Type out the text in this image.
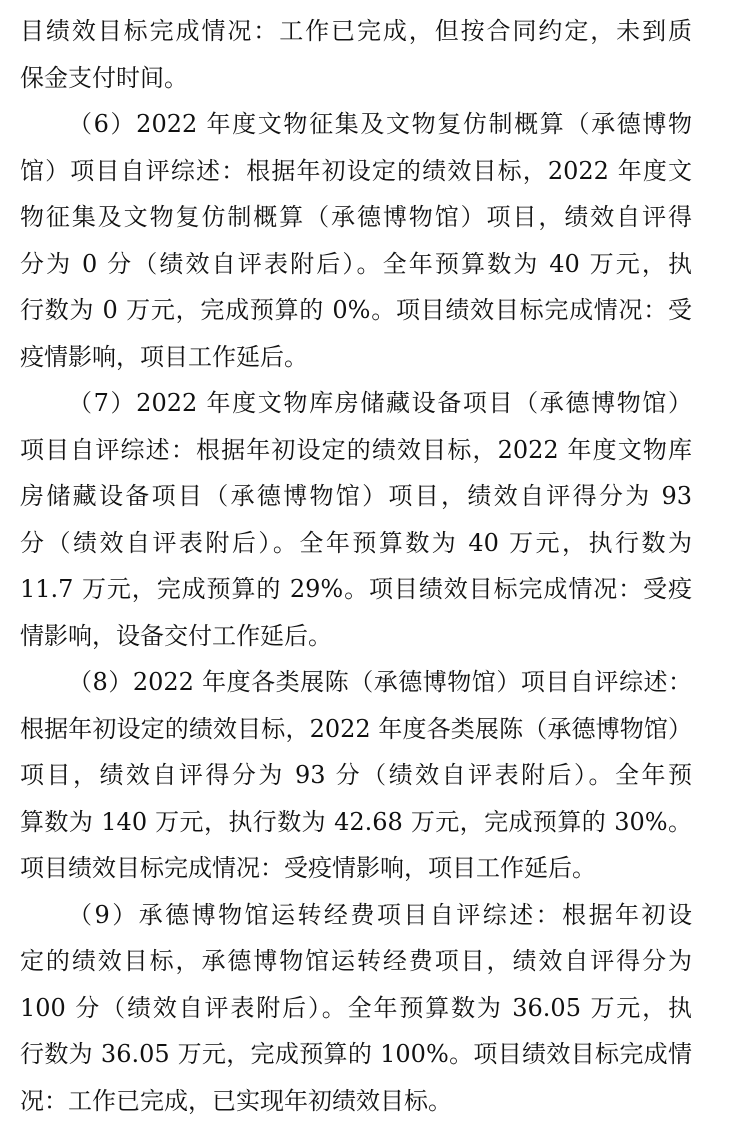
目绩效目标完成情况：工作已完成，但按合同约定，未到质
保金支付时间。
（6）2022 年度文物征集及文物复仿制概算（承德博物
馆）项目自评综述：根据年初设定的绩效目标，2022 年度文
物征集及文物复仿制概算（承德博物馆）项目，绩效自评得
分为 0 分（绩效自评表附后）。全年预算数为 40 万元，执
行数为 0 万元，完成预算的 0%。项目绩效目标完成情况：受
疫情影响，项目工作延后。
（7）2022 年度文物库房储藏设备项目（承德博物馆）
项目自评综述：根据年初设定的绩效目标，2022 年度文物库
房储藏设备项目（承德博物馆）项目，绩效自评得分为 93
分（绩效自评表附后）。全年预算数为 40 万元，执行数为
11.7 万元，完成预算的 29%。项目绩效目标完成情况：受疫
情影响，设备交付工作延后。
（8）2022 年度各类展陈（承德博物馆）项目自评综述：
根据年初设定的绩效目标，2022 年度各类展陈（承德博物馆）
项目，绩效自评得分为 93 分（绩效自评表附后）。全年预
算数为 140 万元，执行数为 42.68 万元，完成预算的 30%。
项目绩效目标完成情况：受疫情影响，项目工作延后。
（9）承德博物馆运转经费项目自评综述：根据年初设
定的绩效目标，承德博物馆运转经费项目，绩效自评得分为
100 分（绩效自评表附后）。全年预算数为 36.05 万元，执
行数为 36.05 万元，完成预算的 100%。项目绩效目标完成情
况：工作已完成，已实现年初绩效目标。
